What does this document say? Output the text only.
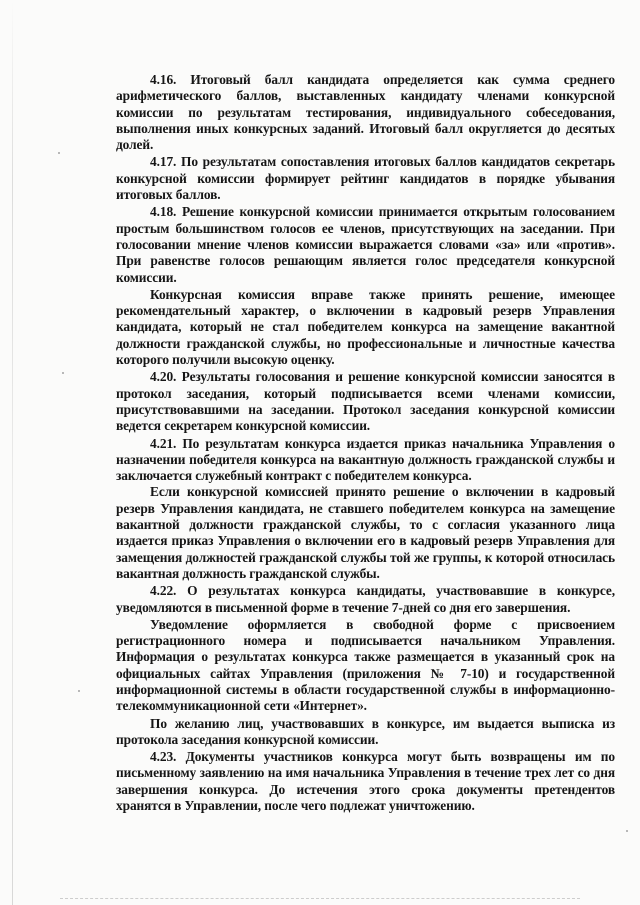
4.16. Итоговый балл кандидата определяется как сумма среднего арифметического баллов, выставленных кандидату членами конкурсной комиссии по результатам тестирования, индивидуального собеседования, выполнения иных конкурсных заданий. Итоговый балл округляется до десятых долей.

4.17. По результатам сопоставления итоговых баллов кандидатов секретарь конкурсной комиссии формирует рейтинг кандидатов в порядке убывания итоговых баллов.

4.18. Решение конкурсной комиссии принимается открытым голосованием простым большинством голосов ее членов, присутствующих на заседании. При голосовании мнение членов комиссии выражается словами «за» или «против». При равенстве голосов решающим является голос председателя конкурсной комиссии.

Конкурсная комиссия вправе также принять решение, имеющее рекомендательный характер, о включении в кадровый резерв Управления кандидата, который не стал победителем конкурса на замещение вакантной должности гражданской службы, но профессиональные и личностные качества которого получили высокую оценку.

4.20. Результаты голосования и решение конкурсной комиссии заносятся в протокол заседания, который подписывается всеми членами комиссии, присутствовавшими на заседании. Протокол заседания конкурсной комиссии ведется секретарем конкурсной комиссии.

4.21. По результатам конкурса издается приказ начальника Управления о назначении победителя конкурса на вакантную должность гражданской службы и заключается служебный контракт с победителем конкурса.

Если конкурсной комиссией принято решение о включении в кадровый резерв Управления кандидата, не ставшего победителем конкурса на замещение вакантной должности гражданской службы, то с согласия указанного лица издается приказ Управления о включении его в кадровый резерв Управления для замещения должностей гражданской службы той же группы, к которой относилась вакантная должность гражданской службы.

4.22. О результатах конкурса кандидаты, участвовавшие в конкурсе, уведомляются в письменной форме в течение 7-дней со дня его завершения.

Уведомление оформляется в свободной форме с присвоением регистрационного номера и подписывается начальником Управления. Информация о результатах конкурса также размещается в указанный срок на официальных сайтах Управления (приложения № 7-10) и государственной информационной системы в области государственной службы в информационно-телекоммуникационной сети «Интернет».

По желанию лиц, участвовавших в конкурсе, им выдается выписка из протокола заседания конкурсной комиссии.

4.23. Документы участников конкурса могут быть возвращены им по письменному заявлению на имя начальника Управления в течение трех лет со дня завершения конкурса. До истечения этого срока документы претендентов хранятся в Управлении, после чего подлежат уничтожению.
